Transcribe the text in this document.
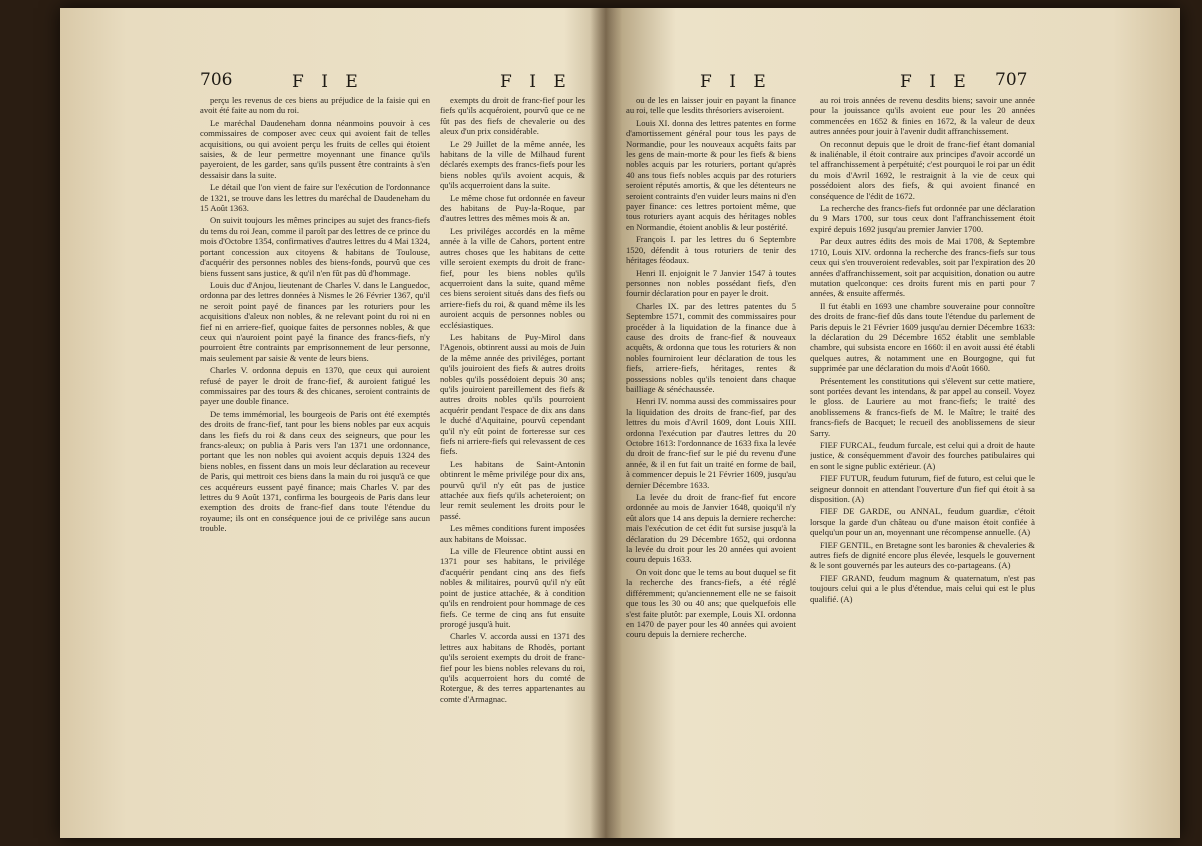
706	F I E	F I E

perçu les revenus de ces biens au préjudice de la faisie qui en avoit été faite au nom du roi.

Le maréchal Daudeneham donna néanmoins pouvoir à ces commissaires de composer avec ceux qui avoient fait de telles acquisitions, ou qui avoient perçu les fruits de celles qui étoient saisies, & de leur permettre moyennant une finance qu'ils payeroient, de les garder, sans qu'ils pussent être contraints à s'en dessaisir dans la suite.

Le détail que l'on vient de faire sur l'exécution de l'ordonnance de 1321, se trouve dans les lettres du maréchal de Daudeneham du 15 Août 1363.

On suivit toujours les mêmes principes au sujet des francs-fiefs du tems du roi Jean, comme il paroît par des lettres de ce prince du mois d'Octobre 1354, confirmatives d'autres lettres du 4 Mai 1324, portant concession aux citoyens & habitans de Toulouse, d'acquérir des personnes nobles des biens-fonds, pourvû que ces biens fussent sans justice, & qu'il n'en fût pas dû d'hommage.

Louis duc d'Anjou, lieutenant de Charles V. dans le Languedoc, ordonna par des lettres données à Nismes le 26 Février 1367, qu'il ne seroit point payé de finances par les roturiers pour les acquisitions d'aleux non nobles, & ne relevant point du roi ni en fief ni en arriere-fief, quoique faites de personnes nobles, & que ceux qui n'auroient point payé la finance des francs-fiefs, n'y pourroient être contraints par emprisonnement de leur personne, mais seulement par saisie & vente de leurs biens.

Charles V. ordonna depuis en 1370, que ceux qui auroient refusé de payer le droit de franc-fief, & auroient fatigué les commissaires par des tours & des chicanes, seroient contraints de payer une double finance.

De tems immémorial, les bourgeois de Paris ont été exemptés des droits de franc-fief, tant pour les biens nobles par eux acquis dans les fiefs du roi & dans ceux des seigneurs, que pour les francs-aleux; on publia à Paris vers l'an 1371 une ordonnance, portant que les non nobles qui avoient acquis depuis 1324 des biens nobles, en fissent dans un mois leur déclaration au receveur de Paris, qui mettroit ces biens dans la main du roi jusqu'à ce que ces acquéreurs eussent payé finance; mais Charles V. par des lettres du 9 Août 1371, confirma les bourgeois de Paris dans leur exemption des droits de franc-fief dans toute l'étendue du royaume; ils ont en conséquence joui de ce privilége sans aucun trouble.

exempts du droit de franc-fief pour les fiefs qu'ils acquéroient, pourvû que ce ne fût pas des fiefs de chevalerie ou des aleux d'un prix considérable.

Le 29 Juillet de la même année, les habitans de la ville de Milhaud furent déclarés exempts des francs-fiefs pour les biens nobles qu'ils avoient acquis, & qu'ils acquerroient dans la suite.

Le même chose fut ordonnée en faveur des habitans de Puy-la-Roque, par d'autres lettres des mêmes mois & an.

Les priviléges accordés en la même année à la ville de Cahors, portent entre autres choses que les habitans de cette ville seroient exempts du droit de franc-fief, pour les biens nobles qu'ils acquerroient dans la suite, quand même ces biens seroient situés dans des fiefs ou arriere-fiefs du roi, & quand même ils les auroient acquis de personnes nobles ou ecclésiastiques.

Les habitans de Puy-Mirol dans l'Agenois, obtinrent aussi au mois de Juin de la même année des priviléges, portant qu'ils jouiroient des fiefs & autres droits nobles qu'ils possédoient depuis 30 ans; qu'ils jouiroient pareillement des fiefs & autres droits nobles qu'ils pourroient acquérir pendant l'espace de dix ans dans le duché d'Aquitaine, pourvû cependant qu'il n'y eût point de forteresse sur ces fiefs ni arriere-fiefs qui relevassent de ces fiefs.

Les habitans de Saint-Antonin obtinrent le même privilége pour dix ans, pourvû qu'il n'y eût pas de justice attachée aux fiefs qu'ils acheteroient; on leur remit seulement les droits pour le passé.

Les mêmes conditions furent imposées aux habitans de Moissac.

La ville de Fleurence obtint aussi en 1371 pour ses habitans, le privilége d'acquérir pendant cinq ans des fiefs nobles & militaires, pourvû qu'il n'y eût point de justice attachée, & à condition qu'ils en rendroient pour hommage de ces fiefs. Ce terme de cinq ans fut ensuite prorogé jusqu'à huit.

Charles V. accorda aussi en 1371 des lettres aux habitans de Rhodès, portant qu'ils seroient exempts du droit de franc-fief pour les biens nobles relevans du roi, qu'ils acquerroient hors du comté de Rotergue, & des terres appartenantes au comte d'Armagnac.

F I E	F I E 707

ou de les en laisser jouir en payant la finance au roi, telle que lesdits thrésoriers aviseroient.

Louis XI. donna des lettres patentes en forme d'amortissement général pour tous les pays de Normandie, pour les nouveaux acquêts faits par les gens de main-morte & pour les fiefs & biens nobles acquis par les roturiers, portant qu'après 40 ans tous fiefs nobles acquis par des roturiers seroient réputés amortis, & que les détenteurs ne seroient contraints d'en vuider leurs mains ni d'en payer finance: ces lettres portoient même, que tous roturiers ayant acquis des héritages nobles en Normandie, étoient anoblis & leur postérité.

François I. par les lettres du 6 Septembre 1520, défendit à tous roturiers de tenir des héritages féodaux.

Henri II. enjoignit le 7 Janvier 1547 à toutes personnes non nobles possédant fiefs, d'en fournir déclaration pour en payer le droit.

Charles IX. par des lettres patentes du 5 Septembre 1571, commit des commissaires pour procéder à la liquidation de la finance due à cause des droits de franc-fief & nouveaux acquêts, & ordonna que tous les roturiers & non nobles fourniroient leur déclaration de tous les fiefs, arriere-fiefs, héritages, rentes & possessions nobles qu'ils tenoient dans chaque bailliage & sénéchaussée.

Henri IV. nomma aussi des commissaires pour la liquidation des droits de franc-fief, par des lettres du mois d'Avril 1609, dont Louis XIII. ordonna l'exécution par d'autres lettres du 20 Octobre 1613: l'ordonnance de 1633 fixa la levée du droit de franc-fief sur le pié du revenu d'une année, & il en fut fait un traité en forme de bail, à commencer depuis le 21 Février 1609, jusqu'au dernier Décembre 1633.

La levée du droit de franc-fief fut encore ordonnée au mois de Janvier 1648, quoiqu'il n'y eût alors que 14 ans depuis la derniere recherche: mais l'exécution de cet édit fut sursise jusqu'à la déclaration du 29 Décembre 1652, qui ordonna la levée du droit pour les 20 années qui avoient couru depuis 1633.

On voit donc que le tems au bout duquel se fit la recherche des francs-fiefs, a été réglé différemment; qu'anciennement elle ne se faisoit que tous les 30 ou 40 ans; que quelquefois elle s'est faite plutôt: par exemple, Louis XI. ordonna en 1470 de payer pour les 40 années qui avoient couru depuis la derniere recherche.

au roi trois années de revenu desdits biens; savoir une année pour la jouissance qu'ils avoient eue pour les 20 années commencées en 1652 & finies en 1672, & la valeur de deux autres années pour jouir à l'avenir dudit affranchissement.

On reconnut depuis que le droit de franc-fief étant domanial & inaliénable, il étoit contraire aux principes d'avoir accordé un tel affranchissement à perpétuité; c'est pourquoi le roi par un édit du mois d'Avril 1692, le restraignit à la vie de ceux qui possédoient alors des fiefs, & qui avoient financé en conséquence de l'édit de 1672.

La recherche des francs-fiefs fut ordonnée par une déclaration du 9 Mars 1700, sur tous ceux dont l'affranchissement étoit expiré depuis 1692 jusqu'au premier Janvier 1700.

Par deux autres édits des mois de Mai 1708, & Septembre 1710, Louis XIV. ordonna la recherche des francs-fiefs sur tous ceux qui s'en trouveroient redevables, soit par l'expiration des 20 années d'affranchissement, soit par acquisition, donation ou autre mutation quelconque: ces droits furent mis en parti pour 7 années, & ensuite affermés.

Il fut établi en 1693 une chambre souveraine pour connoître des droits de franc-fief dûs dans toute l'étendue du parlement de Paris depuis le 21 Février 1609 jusqu'au dernier Décembre 1633: la déclaration du 29 Décembre 1652 établit une semblable chambre, qui subsista encore en 1660: il en avoit aussi été établi quelques autres, & notamment une en Bourgogne, qui fut supprimée par une déclaration du mois d'Août 1660.

Présentement les constitutions qui s'élevent sur cette matiere, sont portées devant les intendans, & par appel au conseil. Voyez le gloss. de Lauriere au mot franc-fiefs; le traité des anoblissemens & francs-fiefs de M. le Maître; le traité des francs-fiefs de Bacquet; le recueil des anoblissemens de sieur Sarry.

FIEF FURCAL, feudum furcale, est celui qui a droit de haute justice, & conséquemment d'avoir des fourches patibulaires qui en sont le signe public extérieur. (A)

FIEF FUTUR, feudum futurum, fief de futuro, est celui que le seigneur donnoit en attendant l'ouverture d'un fief qui étoit à sa disposition. (A)

FIEF DE GARDE, ou ANNAL, feudum guardiæ, c'étoit lorsque la garde d'un château ou d'une maison étoit confiée à quelqu'un pour un an, moyennant une récompense annuelle. (A)

FIEF GENTIL, en Bretagne sont les baronies & chevaleries & autres fiefs de dignité encore plus élevée, lesquels le gouvernent & le sont gouvernés par les auteurs des co-partageans. (A)

FIEF GRAND, feudum magnum & quaternatum, n'est pas toujours celui qui a le plus d'étendue, mais celui qui est le plus qualifié. (A)
